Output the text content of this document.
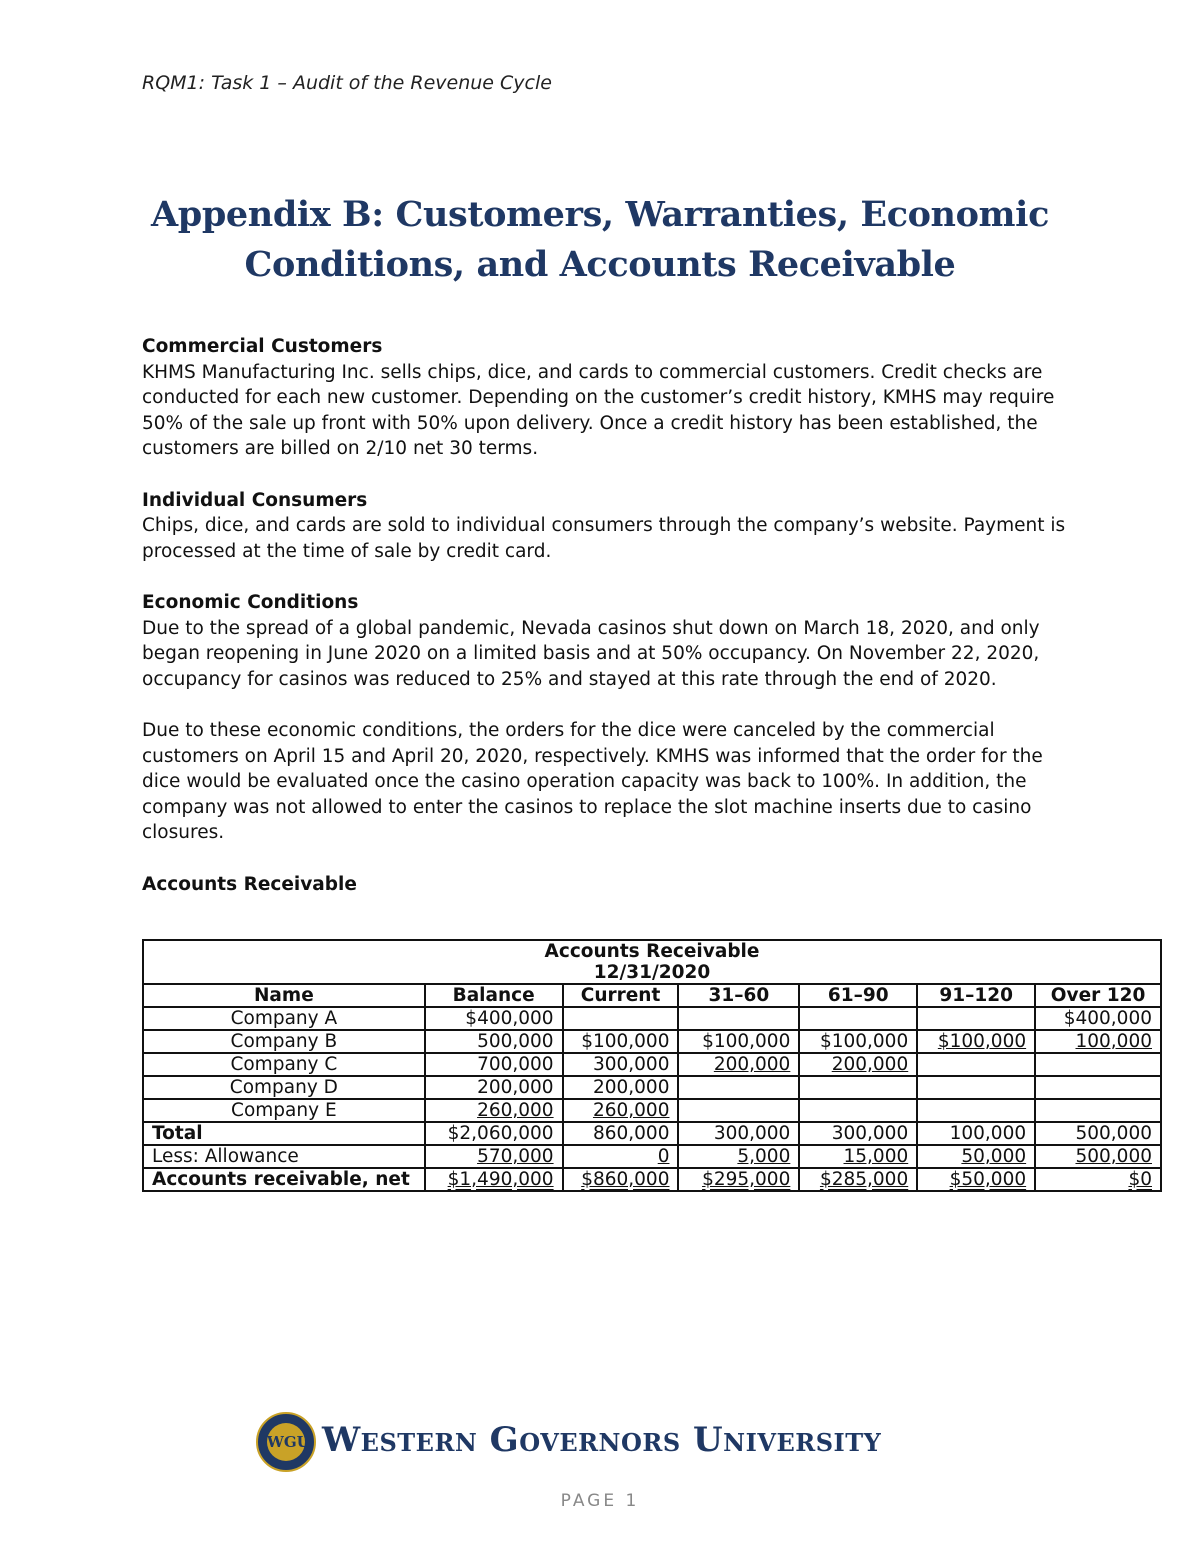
RQM1: Task 1 – Audit of the Revenue Cycle
Appendix B: Customers, Warranties, Economic
Conditions, and Accounts Receivable
Commercial Customers

KHMS Manufacturing Inc. sells chips, dice, and cards to commercial customers. Credit checks are conducted for each new customer. Depending on the customer’s credit history, KMHS may require 50% of the sale up front with 50% upon delivery. Once a credit history has been established, the customers are billed on 2/10 net 30 terms.

Individual Consumers

Chips, dice, and cards are sold to individual consumers through the company’s website. Payment is processed at the time of sale by credit card.

Economic Conditions

Due to the spread of a global pandemic, Nevada casinos shut down on March 18, 2020, and only began reopening in June 2020 on a limited basis and at 50% occupancy. On November 22, 2020, occupancy for casinos was reduced to 25% and stayed at this rate through the end of 2020.

Due to these economic conditions, the orders for the dice were canceled by the commercial customers on April 15 and April 20, 2020, respectively. KMHS was informed that the order for the dice would be evaluated once the casino operation capacity was back to 100%. In addition, the company was not allowed to enter the casinos to replace the slot machine inserts due to casino closures.

Accounts Receivable
Accounts Receivable
12/31/2020						

Name	Balance	Current	31–60	61–90	91–120	Over 120
Company A	$400,000					$400,000
Company B	500,000	$100,000	$100,000	$100,000	$100,000	100,000
Company C	700,000	300,000	200,000	200,000		
Company D	200,000	200,000				
Company E	260,000	260,000				
Total	$2,060,000	860,000	300,000	300,000	100,000	500,000
Less: Allowance	570,000	0	5,000	15,000	50,000	500,000
Accounts receivable, net	$1,490,000	$860,000	$295,000	$285,000	$50,000	$0
WGU Western Governors University
PAGE 1
